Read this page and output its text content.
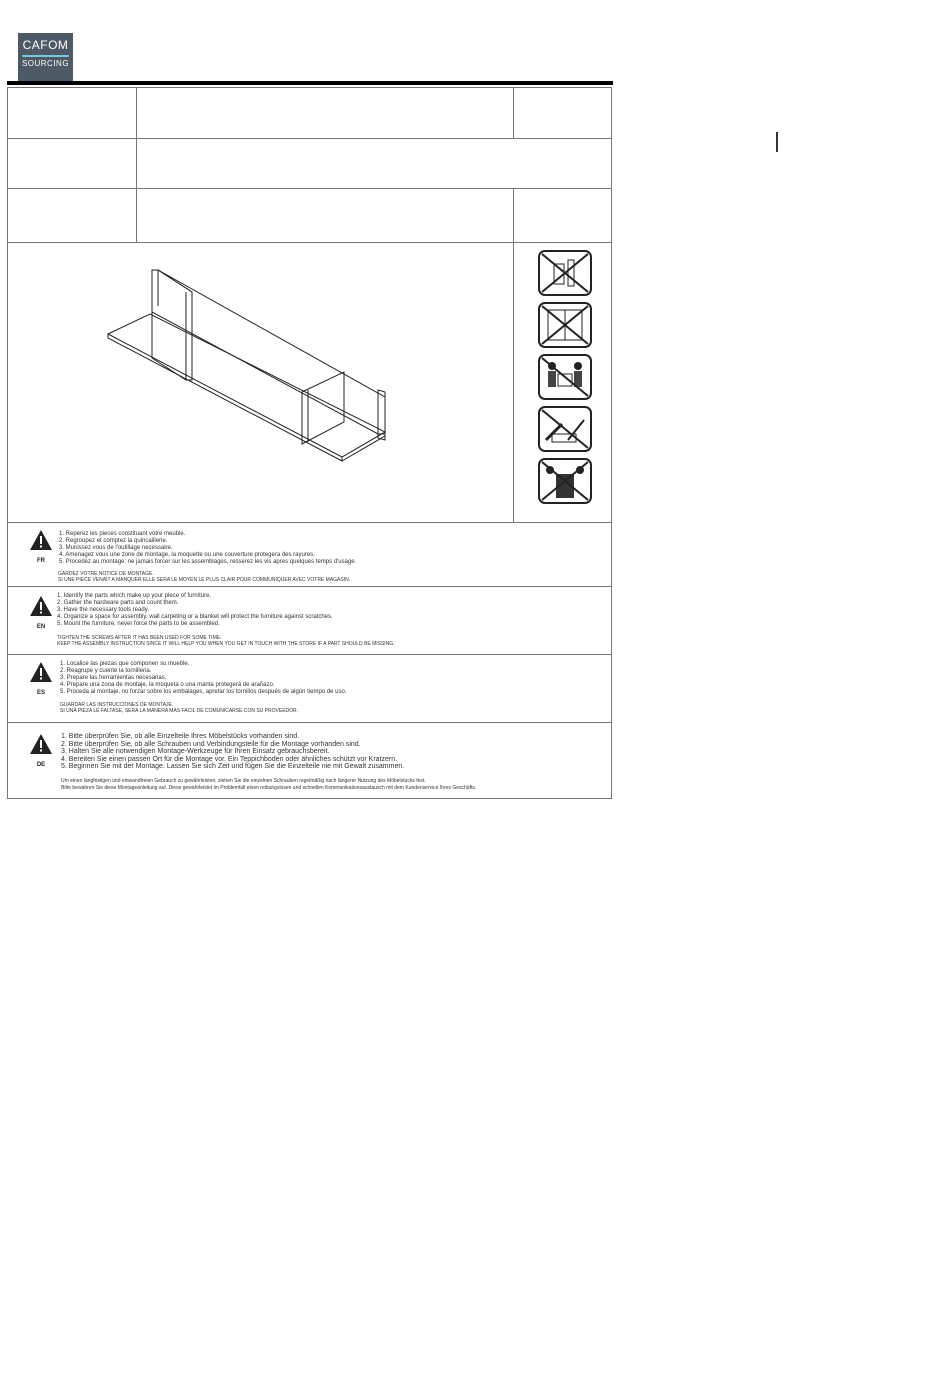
CAFOM
SOURCING
FR
1. Reperez les pieces constituant votre meuble.
2. Regroupez et comptez la quincaillerie.
3. Munissez vous de l'outillage necessaire.
4. Amenagez vous une zone de montage, la moquette ou une couverture protegera des rayures.
5. Procedez au montage: ne jamais forcer sur les assemblages, resserez les vis apres quelques temps d'usage.
GARDEZ VOTRE NOTICE DE MONTAGE.
SI UNE PIECE VENAIT A MANQUER ELLE SERA LE MOYEN LE PLUS CLAIR POUR COMMUNIQUER AVEC VOTRE MAGASIN.
EN
1. Identify the parts which make up your piece of furniture.
2. Gather the hardware parts and count them.
3. Have the necessary tools ready.
4. Organize a space for assembly. wall carpeting or a blanket will protect the furniture against scratches.
5. Mount the furniture, never force the parts to be assembled.
TIGHTEN THE SCREWS AFTER IT HAS BEEN USED FOR SOME TIME.
KEEP THE ASSEMBLY INSTRUCTION SINCE IT WILL HELP YOU WHEN YOU GET IN TOUCH WITH THE STORE IF A PART SHOULD BE MISSING.
ES
1. Localice las piezas que componen su mueble.
2. Reagrupe y cuente la tornilleria.
3. Prepare las herramientas necesarias.
4. Prepare una zona de montaje, la moqueta o una manta protegerá de arañazo.
5. Proceda al montaje, no forzar sobre los embalages, apretar los tornillos después de algún tiempo de uso.
GUARDAR LAS INSTRUCCIONES DE MONTAJE.
SI UNA PIEZA LE FALTASE, SERA LA MANERA MAS FACIL DE COMUNICARSE CON SU PROVEEDOR.
DE
1. Bitte überprüfen Sie, ob alle Einzelteile Ihres Möbelstücks vorhanden sind.
2. Bitte überprüfen Sie, ob alle Schrauben und Verbindungsteile für die Montage vorhanden sind.
3. Halten Sie alle notwendigen Montage-Werkzeuge für Ihren Einsatz gebrauchsbereit.
4. Bereiten Sie einen passen Ort für die Montage vor. Ein Teppichboden oder ähnliches schützt vor Kratzern.
5. Beginnen Sie mit der Montage. Lassen Sie sich Zeit und fügen Sie die Einzelteile nie mit Gewalt zusammen.
Um einen langfristigen und einwandfreien Gebrauch zu gewährleisten, ziehen Sie die einzelnen Schrauben regelmäßig nach längerer Nutzung des Möbelstücks fest.
Bitte bewahren Sie diese Montageanleitung auf. Diese gewährleistet im Problemfall einen reibungslosen und schnellen Kommunikationsaustausch mit dem Kundenservice Ihres Geschäfts.
